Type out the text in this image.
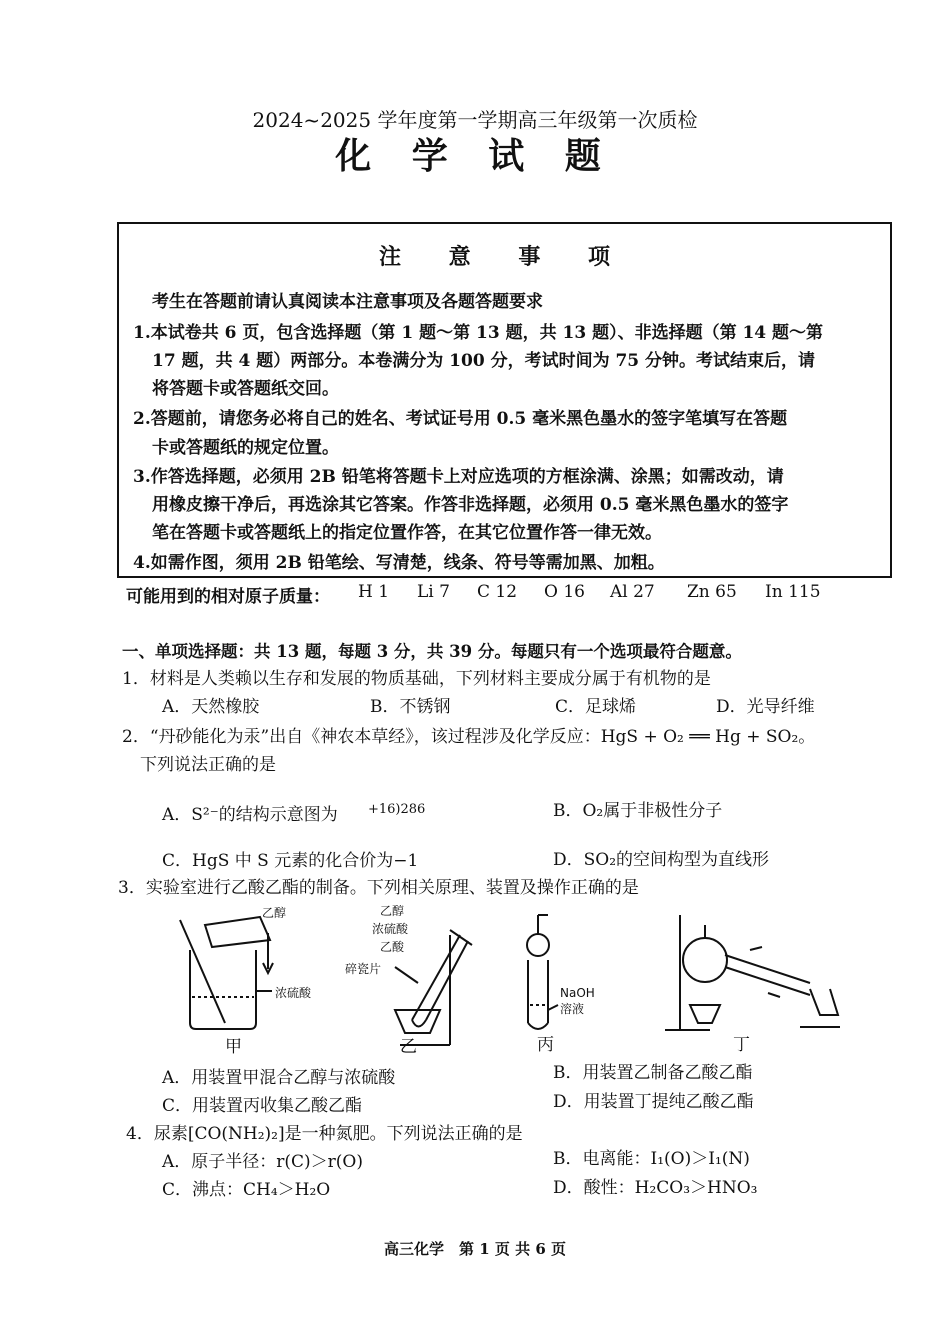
2024~2025 学年度第一学期高三年级第一次质检
化 学 试 题
注 意 事 项
考生在答题前请认真阅读本注意事项及各题答题要求
1.本试卷共 6 页，包含选择题（第 1 题～第 13 题，共 13 题）、非选择题（第 14 题～第
17 题，共 4 题）两部分。本卷满分为 100 分，考试时间为 75 分钟。考试结束后，请
将答题卡或答题纸交回。
2.答题前，请您务必将自己的姓名、考试证号用 0.5 毫米黑色墨水的签字笔填写在答题
卡或答题纸的规定位置。
3.作答选择题，必须用 2B 铅笔将答题卡上对应选项的方框涂满、涂黑；如需改动，请
用橡皮擦干净后，再选涂其它答案。作答非选择题，必须用 0.5 毫米黑色墨水的签字
笔在答题卡或答题纸上的指定位置作答，在其它位置作答一律无效。
4.如需作图，须用 2B 铅笔绘、写清楚，线条、符号等需加黑、加粗。
可能用到的相对原子质量： H 1 Li 7 C 12 O 16 Al 27 Zn 65 In 115
一、单项选择题：共 13 题，每题 3 分，共 39 分。每题只有一个选项最符合题意。
1．材料是人类赖以生存和发展的物质基础，下列材料主要成分属于有机物的是
A．天然橡胶	B．不锈钢	C．足球烯	D．光导纤维
2．“丹砂能化为汞”出自《神农本草经》，该过程涉及化学反应：HgS + O₂ ══ Hg + SO₂。
下列说法正确的是
A．S²⁻的结构示意图为 +16)286	B．O₂属于非极性分子
C．HgS 中 S 元素的化合价为−1	D．SO₂的空间构型为直线形
3．实验室进行乙酸乙酯的制备。下列相关原理、装置及操作正确的是
乙醇
浓硫酸
乙醇
浓硫酸
乙酸
碎瓷片
NaOH
溶液
甲	乙	丙	丁
A．用装置甲混合乙醇与浓硫酸	B．用装置乙制备乙酸乙酯
C．用装置丙收集乙酸乙酯	D．用装置丁提纯乙酸乙酯
4．尿素[CO(NH₂)₂]是一种氮肥。下列说法正确的是
A．原子半径：r(C)＞r(O)	B．电离能：I₁(O)＞I₁(N)
C．沸点：CH₄＞H₂O	D．酸性：H₂CO₃＞HNO₃
高三化学　第 1 页 共 6 页
